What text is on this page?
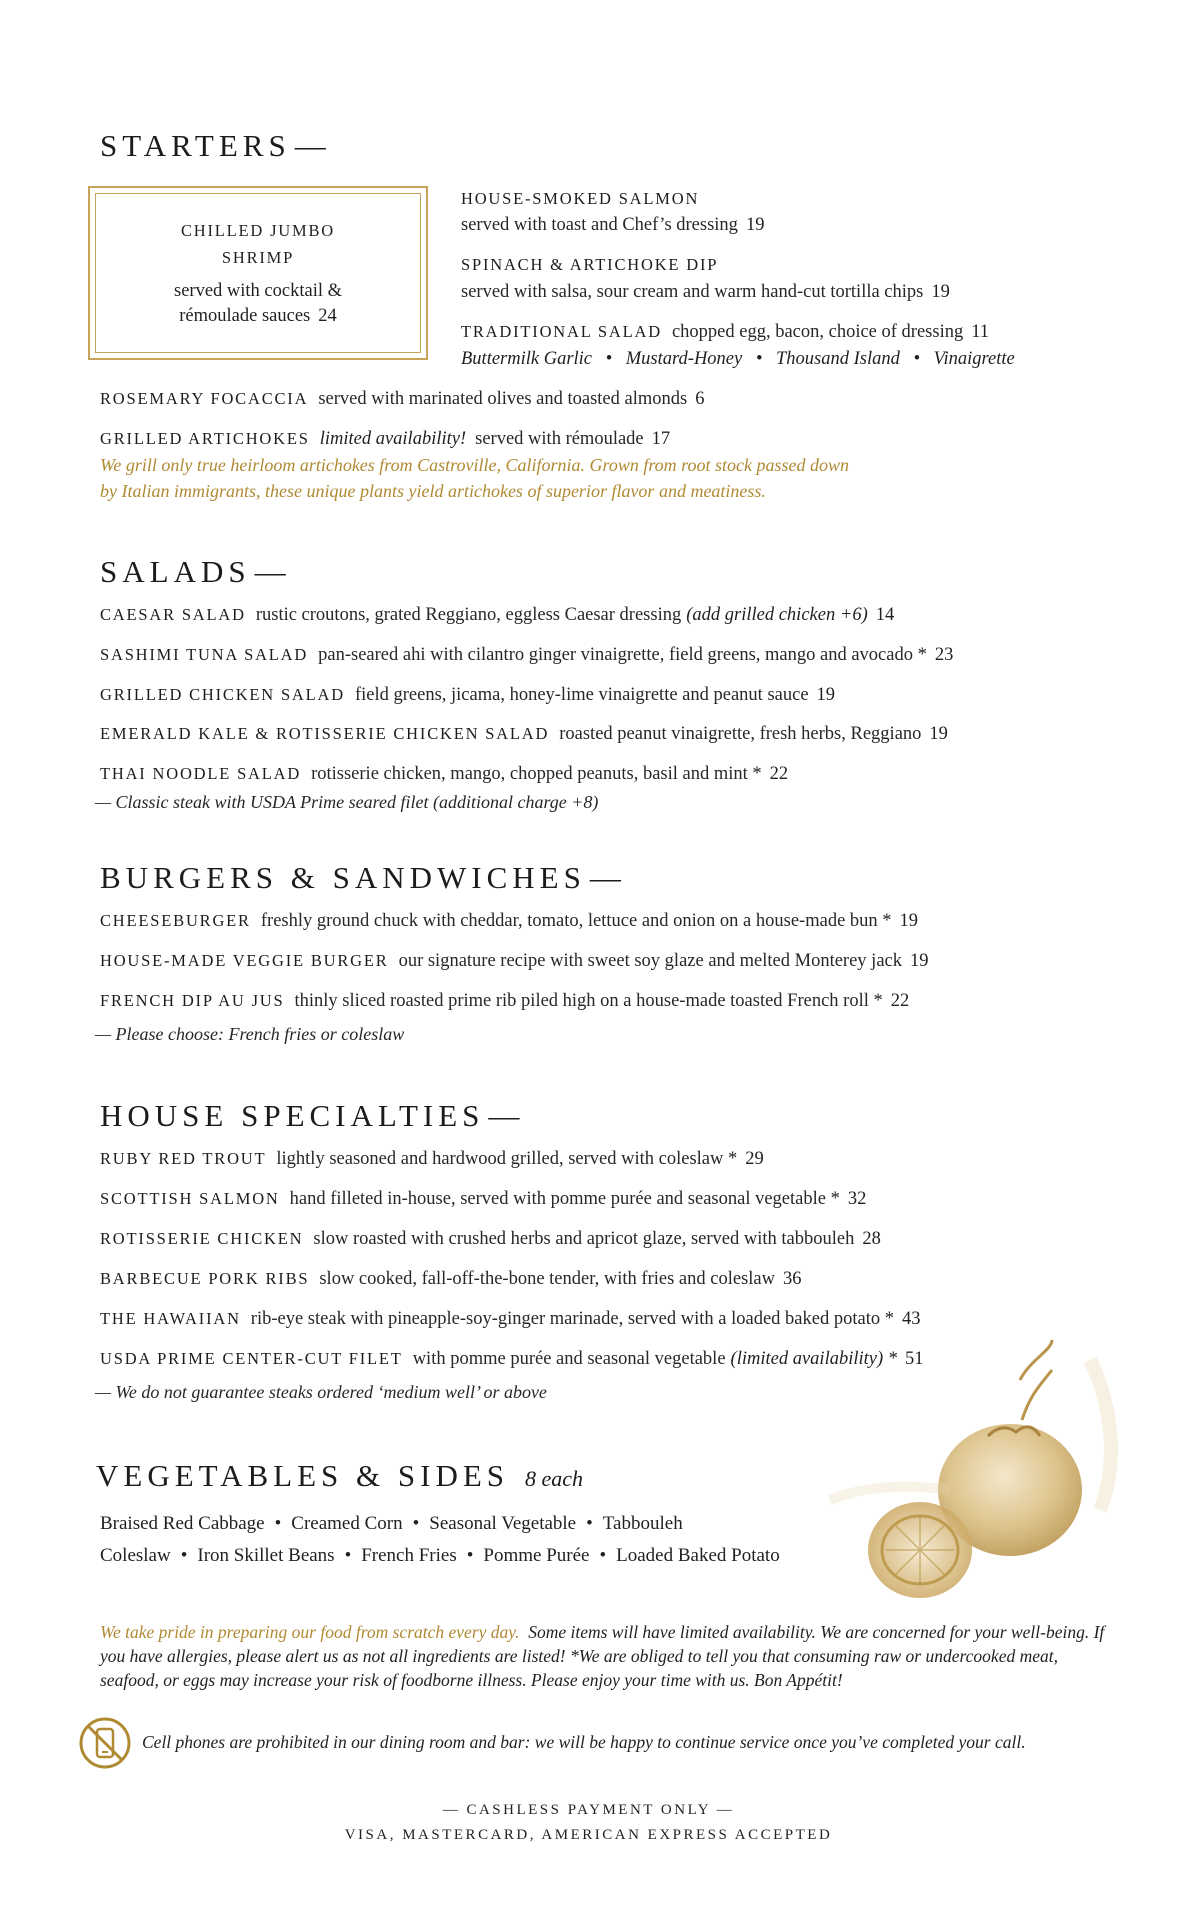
STARTERS —
CHILLED JUMBO SHRIMP
served with cocktail & rémoulade sauces 24
HOUSE-SMOKED SALMON
served with toast and Chef’s dressing 19
SPINACH & ARTICHOKE DIP
served with salsa, sour cream and warm hand-cut tortilla chips 19
TRADITIONAL SALAD chopped egg, bacon, choice of dressing 11
Buttermilk Garlic • Mustard-Honey • Thousand Island • Vinaigrette
ROSEMARY FOCACCIA served with marinated olives and toasted almonds 6
GRILLED ARTICHOKES limited availability! served with rémoulade 17
We grill only true heirloom artichokes from Castroville, California. Grown from root stock passed down
by Italian immigrants, these unique plants yield artichokes of superior flavor and meatiness.
SALADS —
CAESAR SALAD rustic croutons, grated Reggiano, eggless Caesar dressing (add grilled chicken +6) 14
SASHIMI TUNA SALAD pan-seared ahi with cilantro ginger vinaigrette, field greens, mango and avocado * 23
GRILLED CHICKEN SALAD field greens, jicama, honey-lime vinaigrette and peanut sauce 19
EMERALD KALE & ROTISSERIE CHICKEN SALAD roasted peanut vinaigrette, fresh herbs, Reggiano 19
THAI NOODLE SALAD rotisserie chicken, mango, chopped peanuts, basil and mint * 22
— Classic steak with USDA Prime seared filet (additional charge +8)
BURGERS & SANDWICHES —
CHEESEBURGER freshly ground chuck with cheddar, tomato, lettuce and onion on a house-made bun * 19
HOUSE-MADE VEGGIE BURGER our signature recipe with sweet soy glaze and melted Monterey jack 19
FRENCH DIP AU JUS thinly sliced roasted prime rib piled high on a house-made toasted French roll * 22
— Please choose: French fries or coleslaw
HOUSE SPECIALTIES —
RUBY RED TROUT lightly seasoned and hardwood grilled, served with coleslaw * 29
SCOTTISH SALMON hand filleted in-house, served with pomme purée and seasonal vegetable * 32
ROTISSERIE CHICKEN slow roasted with crushed herbs and apricot glaze, served with tabbouleh 28
BARBECUE PORK RIBS slow cooked, fall-off-the-bone tender, with fries and coleslaw 36
THE HAWAIIAN rib-eye steak with pineapple-soy-ginger marinade, served with a loaded baked potato * 43
USDA PRIME CENTER-CUT FILET with pomme purée and seasonal vegetable (limited availability) * 51
— We do not guarantee steaks ordered ‘medium well’ or above
VEGETABLES & SIDES 8 each
Braised Red Cabbage • Creamed Corn • Seasonal Vegetable • Tabbouleh
Coleslaw • Iron Skillet Beans • French Fries • Pomme Purée • Loaded Baked Potato
We take pride in preparing our food from scratch every day. Some items will have limited availability. We are concerned for your well-being. If you have allergies, please alert us as not all ingredients are listed! *We are obliged to tell you that consuming raw or undercooked meat, seafood, or eggs may increase your risk of foodborne illness. Please enjoy your time with us. Bon Appétit!
Cell phones are prohibited in our dining room and bar: we will be happy to continue service once you’ve completed your call.
— CASHLESS PAYMENT ONLY —
VISA, MASTERCARD, AMERICAN EXPRESS ACCEPTED
